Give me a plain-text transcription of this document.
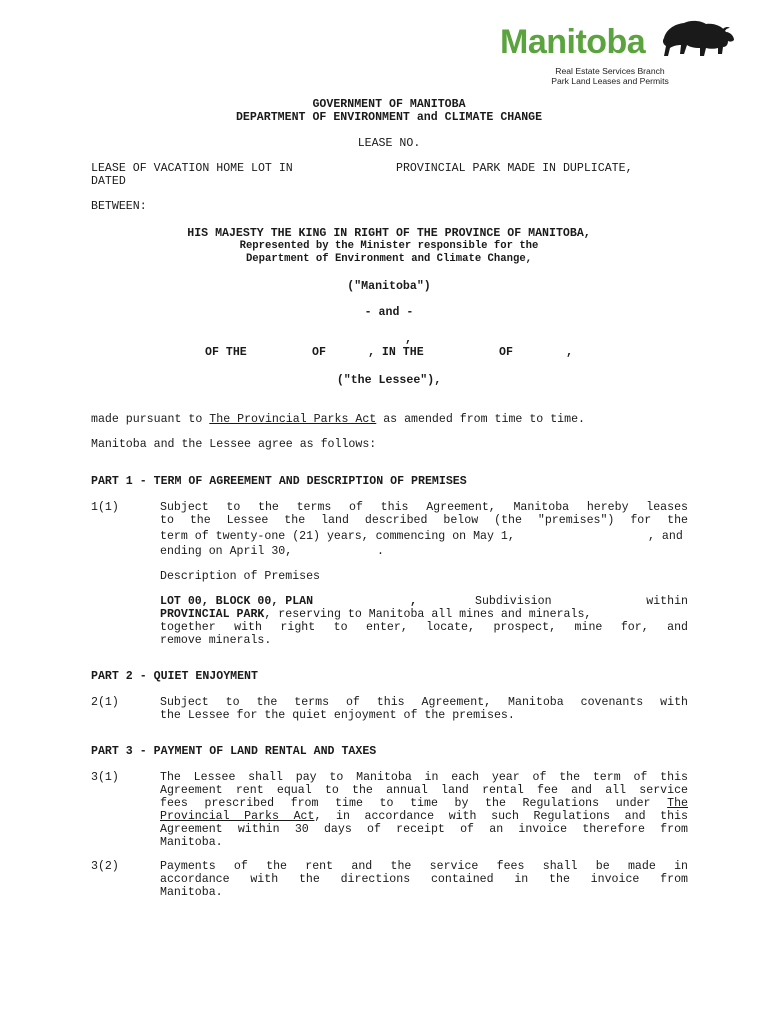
Manitoba
Real Estate Services Branch
Park Land Leases and Permits
GOVERNMENT OF MANITOBA
DEPARTMENT OF ENVIRONMENT and CLIMATE CHANGE
LEASE NO.
LEASE OF VACATION HOME LOT IN	PROVINCIAL PARK MADE IN DUPLICATE,
DATED
BETWEEN:
HIS MAJESTY THE KING IN RIGHT OF THE PROVINCE OF MANITOBA,
Represented by the Minister responsible for the
Department of Environment and Climate Change,
("Manitoba")
- and -
,
OF THE	OF	, IN THE	OF	,
("the Lessee"),
made pursuant to The Provincial Parks Act as amended from time to time.
Manitoba and the Lessee agree as follows:
PART 1 - TERM OF AGREEMENT AND DESCRIPTION OF PREMISES
1(1)	Subject to the terms of this Agreement, Manitoba hereby leases
to the Lessee the land described below (the "premises") for the
term of twenty-one (21) years, commencing on May 1,	, and
ending on April 30,	.
Description of Premises
LOT 00, BLOCK 00, PLAN	,	Subdivision within
PROVINCIAL PARK, reserving to Manitoba all mines and minerals,
together with right to enter, locate, prospect, mine for, and
remove minerals.
PART 2 - QUIET ENJOYMENT
2(1)	Subject to the terms of this Agreement, Manitoba covenants with
the Lessee for the quiet enjoyment of the premises.
PART 3 - PAYMENT OF LAND RENTAL AND TAXES
3(1)	The Lessee shall pay to Manitoba in each year of the term of this
Agreement rent equal to the annual land rental fee and all service
fees prescribed from time to time by the Regulations under The
Provincial Parks Act, in accordance with such Regulations and this
Agreement within 30 days of receipt of an invoice therefore from
Manitoba.
3(2)	Payments of the rent and the service fees shall be made in
accordance with the directions contained in the invoice from
Manitoba.
